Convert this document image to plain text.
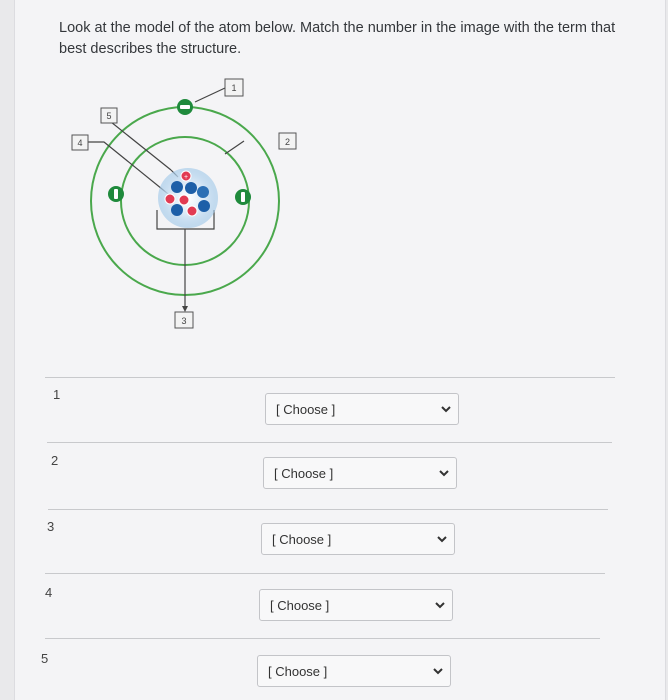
Look at the model of the atom below. Match the number in the image with the term that best describes the structure.
+
5
4
1
2
3
1
[ Choose ]
2
[ Choose ]
3
[ Choose ]
4
[ Choose ]
5
[ Choose ]
